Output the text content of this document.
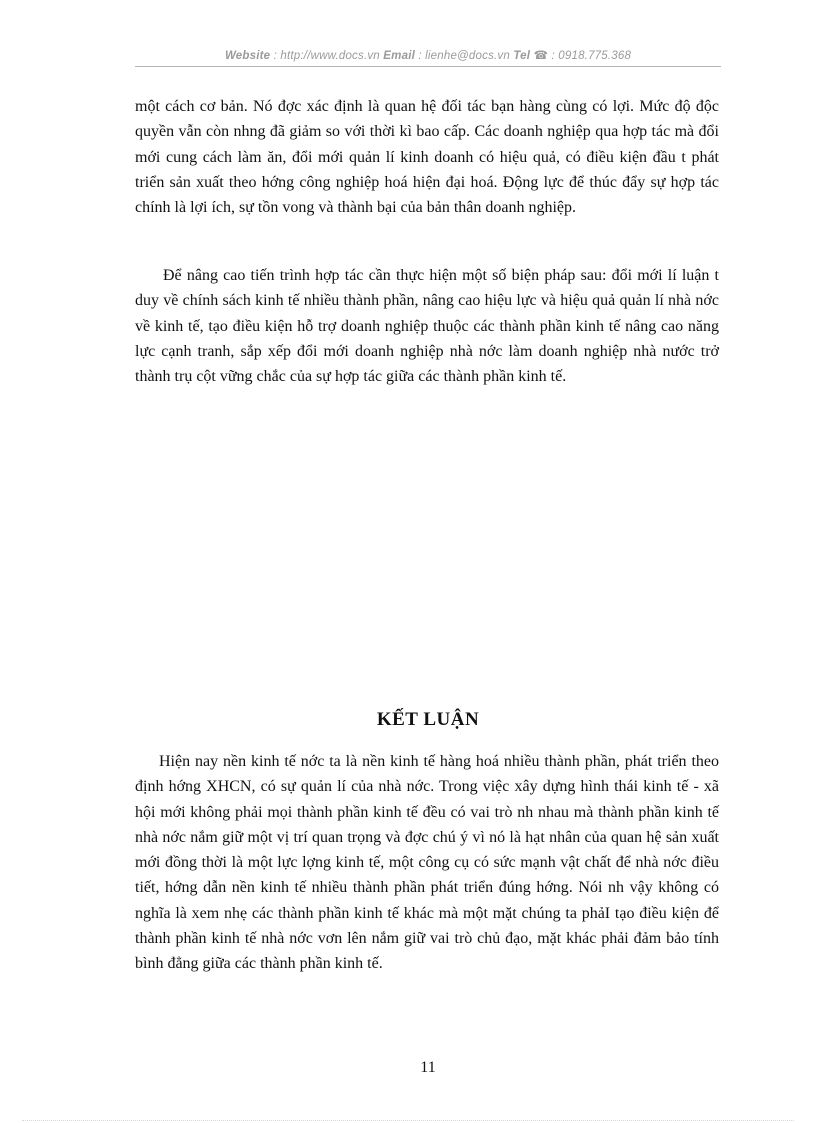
Website : http://www.docs.vn Email : lienhe@docs.vn Tel ☎ : 0918.775.368

một cách cơ bản. Nó đợc xác định là quan hệ đối tác bạn hàng cùng có lợi. Mức độ độc quyền vẫn còn nhng đã giảm so với thời kì bao cấp. Các doanh nghiệp qua hợp tác mà đổi mới cung cách làm ăn, đổi mới quản lí kinh doanh có hiệu quả, có điều kiện đầu t phát triển sản xuất theo hớng công nghiệp hoá hiện đại hoá. Động lực để thúc đẩy sự hợp tác chính là lợi ích, sự tồn vong và thành bại của bản thân doanh nghiệp.

Để nâng cao tiến trình hợp tác cần thực hiện một số biện pháp sau: đổi mới lí luận t duy về chính sách kinh tế nhiều thành phần, nâng cao hiệu lực và hiệu quả quản lí nhà nớc về kinh tế, tạo điều kiện hỗ trợ doanh nghiệp thuộc các thành phần kinh tế nâng cao năng lực cạnh tranh, sắp xếp đổi mới doanh nghiệp nhà nớc làm doanh nghiệp nhà nước trở thành trụ cột vững chắc của sự hợp tác giữa các thành phần kinh tế.

KẾT LUẬN

Hiện nay nền kinh tế nớc ta là nền kinh tế hàng hoá nhiều thành phần, phát triển theo định hớng XHCN, có sự quản lí của nhà nớc. Trong việc xây dựng hình thái kinh tế - xã hội mới không phải mọi thành phần kinh tế đều có vai trò nh nhau mà thành phần kinh tế nhà nớc nắm giữ một vị trí quan trọng và đợc chú ý vì nó là hạt nhân của quan hệ sản xuất mới đồng thời là một lực lợng kinh tế, một công cụ có sức mạnh vật chất để nhà nớc điều tiết, hớng dẫn nền kinh tế nhiều thành phần phát triển đúng hớng. Nói nh vậy không có nghĩa là xem nhẹ các thành phần kinh tế khác mà một mặt chúng ta phảI tạo điều kiện để thành phần kinh tế nhà nớc vơn lên nắm giữ vai trò chủ đạo, mặt khác phải đảm bảo tính bình đẳng giữa các thành phần kinh tế.

11
